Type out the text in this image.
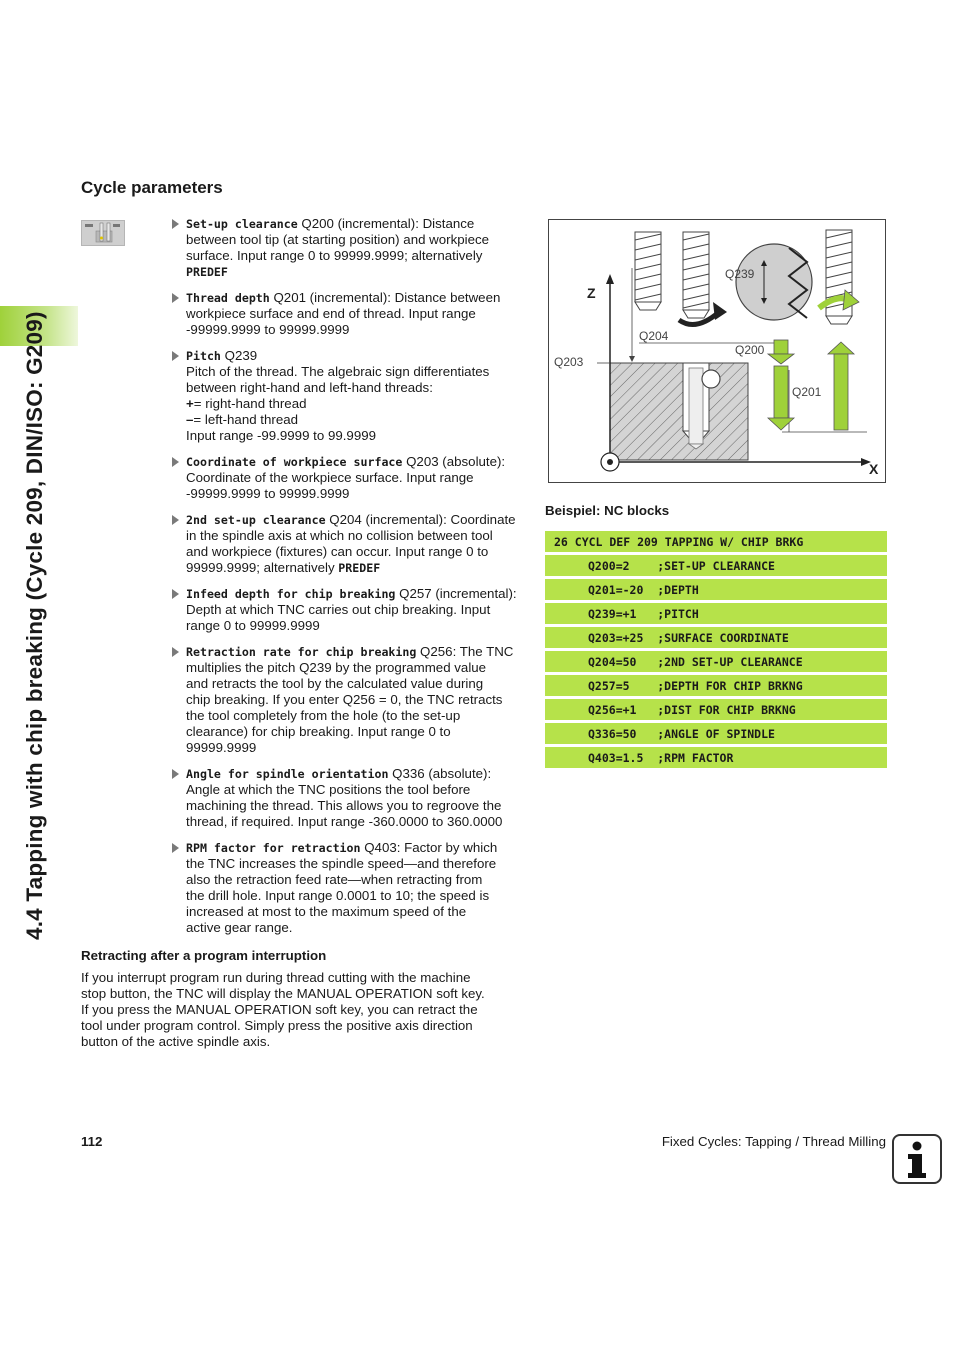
4.4 Tapping with chip breaking (Cycle 209, DIN/ISO: G209)
Cycle parameters
Set-up clearance Q200 (incremental): Distance
between tool tip (at starting position) and workpiece
surface. Input range 0 to 99999.9999; alternatively
PREDEF
Thread depth Q201 (incremental): Distance between
workpiece surface and end of thread. Input range
-99999.9999 to 99999.9999
Pitch Q239
Pitch of the thread. The algebraic sign differentiates
between right-hand and left-hand threads:
+= right-hand thread
–= left-hand thread
Input range -99.9999 to 99.9999
Coordinate of workpiece surface Q203 (absolute):
Coordinate of the workpiece surface. Input range
-99999.9999 to 99999.9999
2nd set-up clearance Q204 (incremental): Coordinate
in the spindle axis at which no collision between tool
and workpiece (fixtures) can occur. Input range 0 to
99999.9999; alternatively PREDEF
Infeed depth for chip breaking Q257 (incremental):
Depth at which TNC carries out chip breaking. Input
range 0 to 99999.9999
Retraction rate for chip breaking Q256: The TNC
multiplies the pitch Q239 by the programmed value
and retracts the tool by the calculated value during
chip breaking. If you enter Q256 = 0, the TNC retracts
the tool completely from the hole (to the set-up
clearance) for chip breaking. Input range 0 to
99999.9999
Angle for spindle orientation Q336 (absolute):
Angle at which the TNC positions the tool before
machining the thread. This allows you to regroove the
thread, if required. Input range -360.0000 to 360.0000
RPM factor for retraction Q403: Factor by which
the TNC increases the spindle speed—and therefore
also the retraction feed rate—when retracting from
the drill hole. Input range 0.0001 to 10; the speed is
increased at most to the maximum speed of the
active gear range.
Retracting after a program interruption
If you interrupt program run during thread cutting with the machine
stop button, the TNC will display the MANUAL OPERATION soft key.
If you press the MANUAL OPERATION soft key, you can retract the
tool under program control. Simply press the positive axis direction
button of the active spindle axis.
Q239
Z
X
Q204
Q203
Q200
Q201
Beispiel: NC blocks
26 CYCL DEF 209 TAPPING W/ CHIP BRKG
Q200=2    ;SET-UP CLEARANCE
Q201=-20  ;DEPTH
Q239=+1   ;PITCH
Q203=+25  ;SURFACE COORDINATE
Q204=50   ;2ND SET-UP CLEARANCE
Q257=5    ;DEPTH FOR CHIP BRKNG
Q256=+1   ;DIST FOR CHIP BRKNG
Q336=50   ;ANGLE OF SPINDLE
Q403=1.5  ;RPM FACTOR
112	Fixed Cycles: Tapping / Thread Milling
